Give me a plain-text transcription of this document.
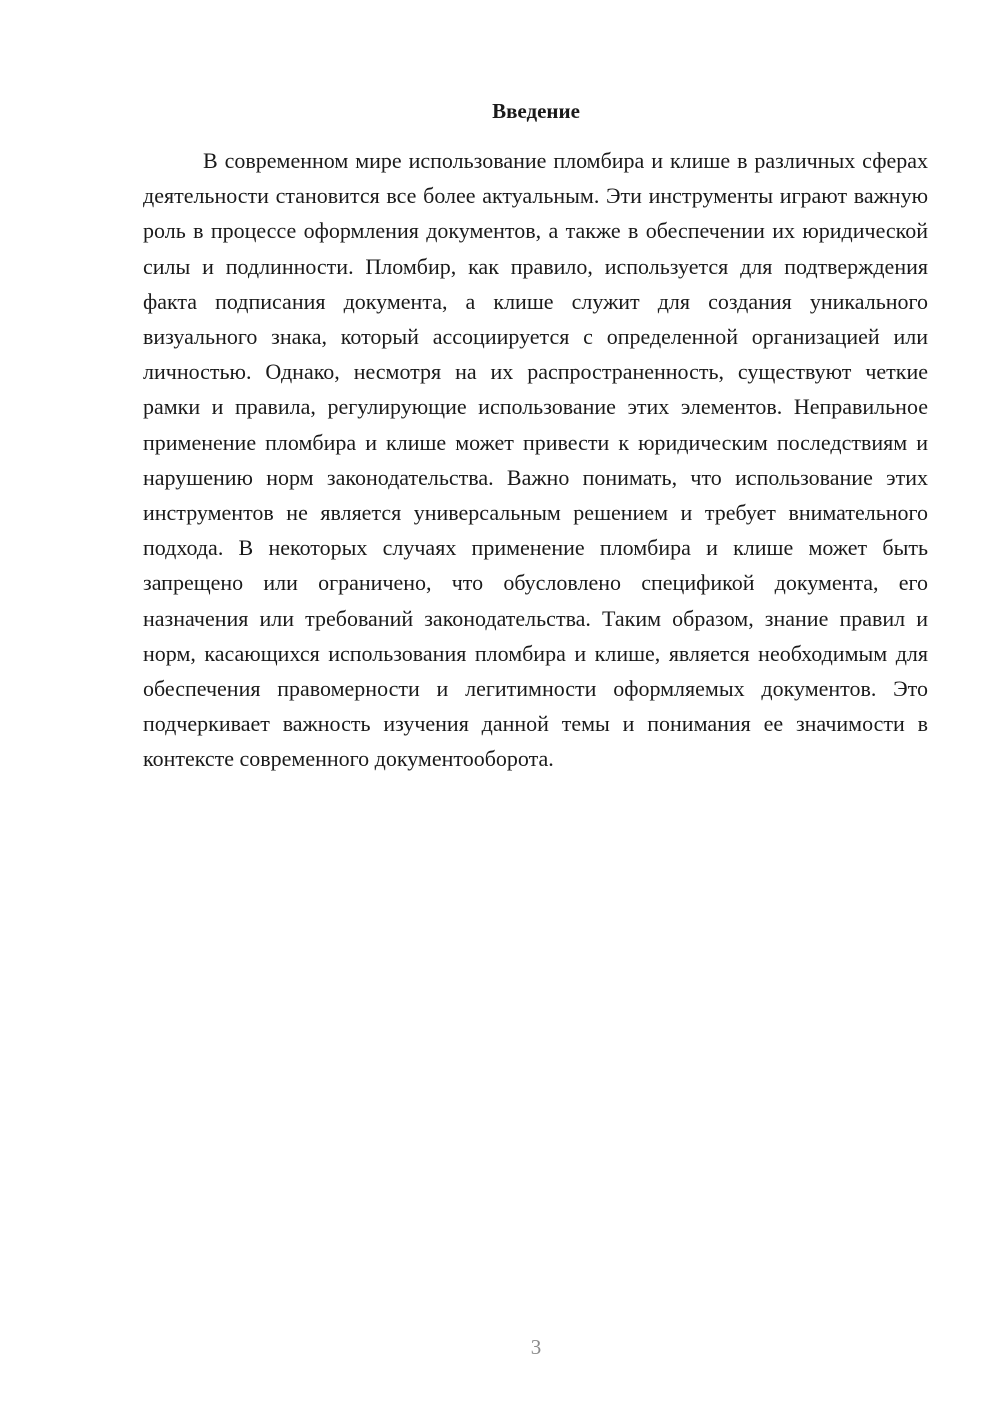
Введение

В современном мире использование пломбира и клише в различных сферах деятельности становится все более актуальным. Эти инструменты играют важную роль в процессе оформления документов, а также в обеспечении их юридической силы и подлинности. Пломбир, как правило, используется для подтверждения факта подписания документа, а клише служит для создания уникального визуального знака, который ассоциируется с определенной организацией или личностью. Однако, несмотря на их распространенность, существуют четкие рамки и правила, регулирующие использование этих элементов. Неправильное применение пломбира и клише может привести к юридическим последствиям и нарушению норм законодательства. Важно понимать, что использование этих инструментов не является универсальным решением и требует внимательного подхода. В некоторых случаях применение пломбира и клише может быть запрещено или ограничено, что обусловлено спецификой документа, его назначения или требований законодательства. Таким образом, знание правил и норм, касающихся использования пломбира и клише, является необходимым для обеспечения правомерности и легитимности оформляемых документов. Это подчеркивает важность изучения данной темы и понимания ее значимости в контексте современного документооборота.

3
